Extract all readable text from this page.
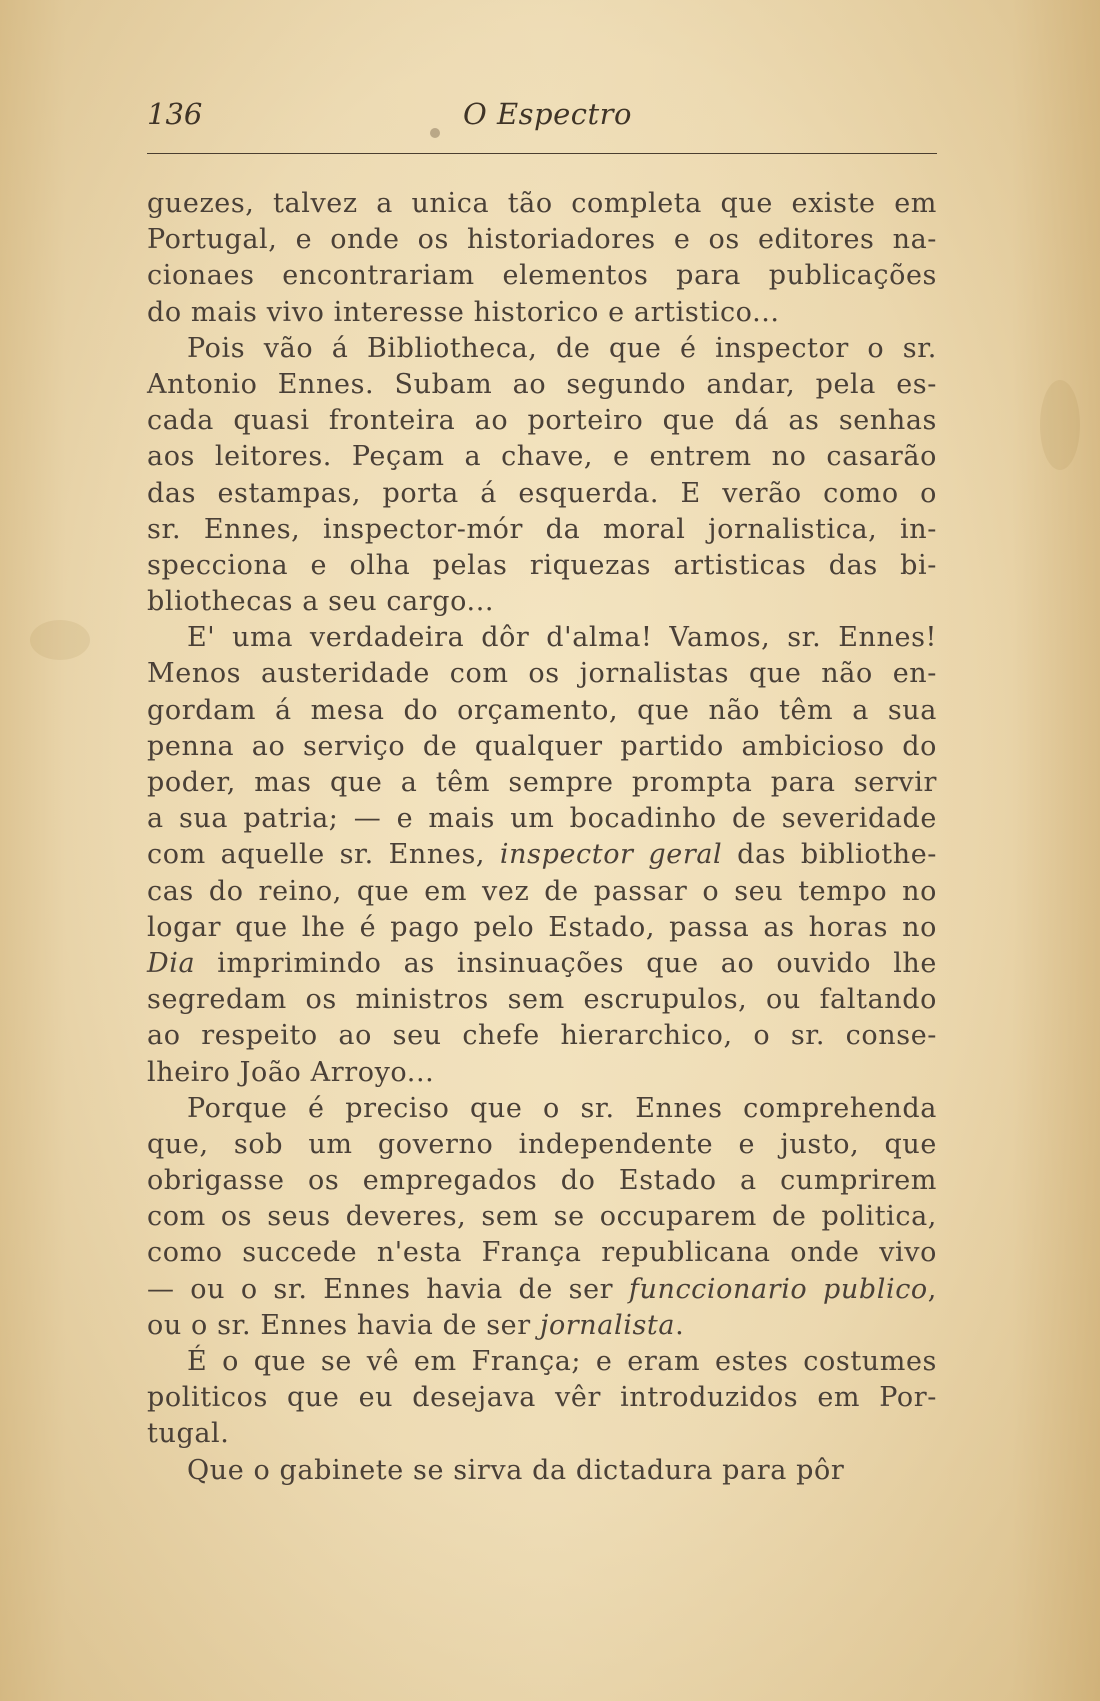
136	O Espectro
guezes, talvez a unica tão completa que existe em
Portugal, e onde os historiadores e os editores na-
cionaes encontrariam elementos para publicações
do mais vivo interesse historico e artistico...
Pois vão á Bibliotheca, de que é inspector o sr.
Antonio Ennes. Subam ao segundo andar, pela es-
cada quasi fronteira ao porteiro que dá as senhas
aos leitores. Peçam a chave, e entrem no casarão
das estampas, porta á esquerda. E verão como o
sr. Ennes, inspector-mór da moral jornalistica, in-
specciona e olha pelas riquezas artisticas das bi-
bliothecas a seu cargo...
E' uma verdadeira dôr d'alma! Vamos, sr. Ennes!
Menos austeridade com os jornalistas que não en-
gordam á mesa do orçamento, que não têm a sua
penna ao serviço de qualquer partido ambicioso do
poder, mas que a têm sempre prompta para servir
a sua patria; — e mais um bocadinho de severidade
com aquelle sr. Ennes, inspector geral das bibliothe-
cas do reino, que em vez de passar o seu tempo no
logar que lhe é pago pelo Estado, passa as horas no
Dia imprimindo as insinuações que ao ouvido lhe
segredam os ministros sem escrupulos, ou faltando
ao respeito ao seu chefe hierarchico, o sr. conse-
lheiro João Arroyo...
Porque é preciso que o sr. Ennes comprehenda
que, sob um governo independente e justo, que
obrigasse os empregados do Estado a cumprirem
com os seus deveres, sem se occuparem de politica,
como succede n'esta França republicana onde vivo
— ou o sr. Ennes havia de ser funccionario publico,
ou o sr. Ennes havia de ser jornalista.
É o que se vê em França; e eram estes costumes
politicos que eu desejava vêr introduzidos em Por-
tugal.
Que o gabinete se sirva da dictadura para pôr
